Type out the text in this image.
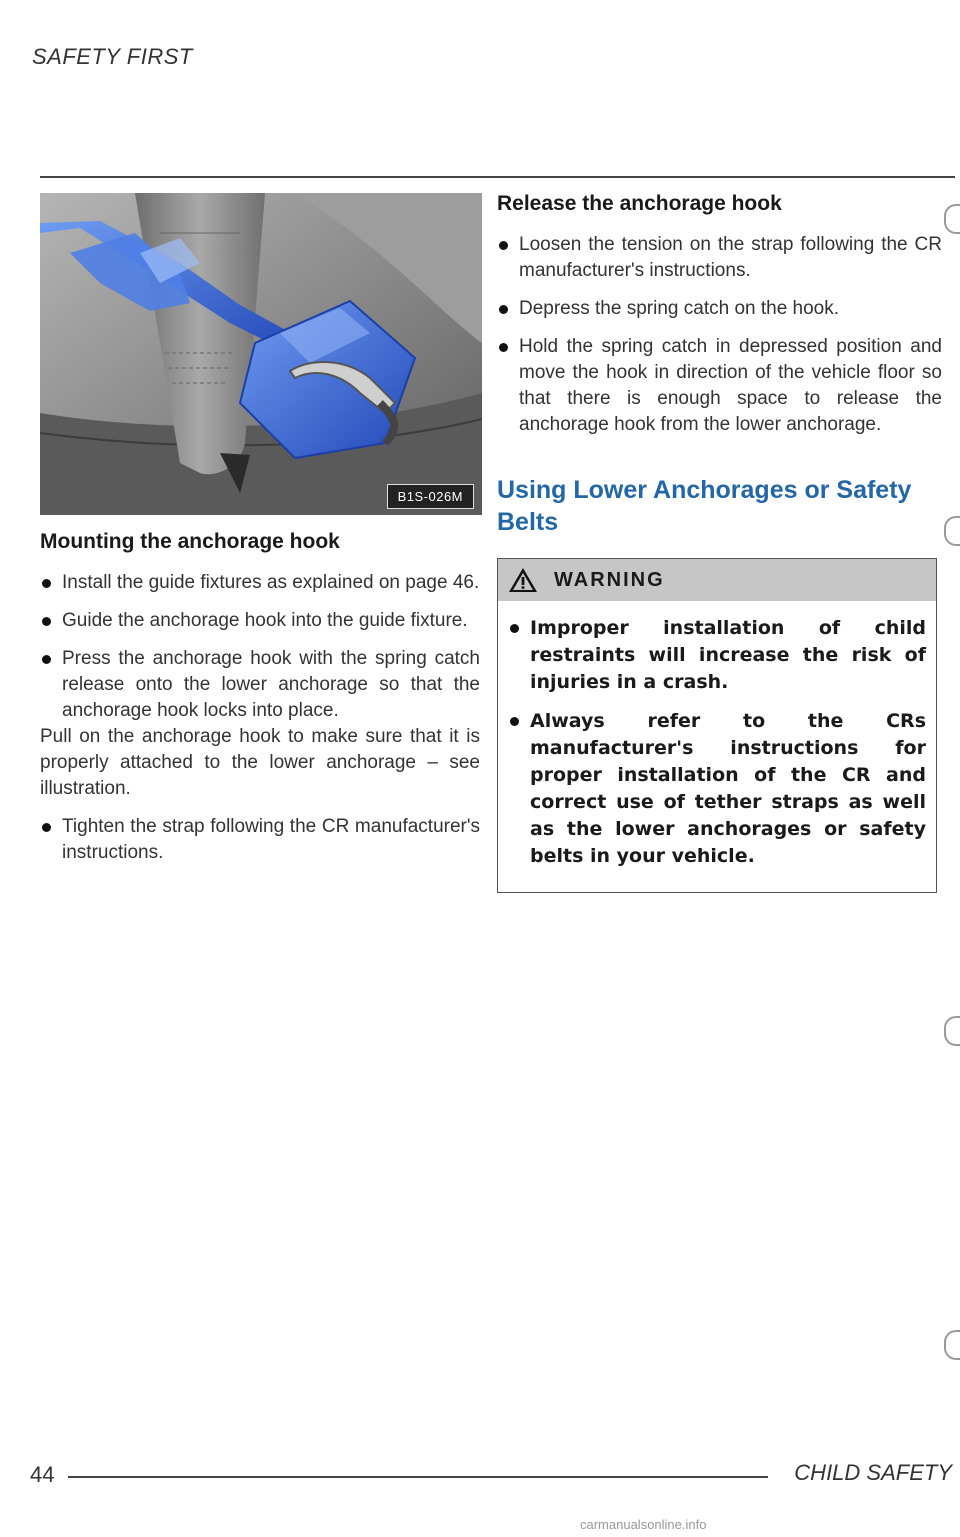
SAFETY FIRST
B1S-026M
Mounting the anchorage hook

Install the guide fixtures as explained on page 46.

Guide the anchorage hook into the guide fixture.

Press the anchorage hook with the spring catch release onto the lower anchorage so that the anchorage hook locks into place.

Pull on the anchorage hook to make sure that it is properly attached to the lower anchorage – see illustration.

Tighten the strap following the CR manufacturer's instructions.

Release the anchorage hook

Loosen the tension on the strap following the CR manufacturer's instructions.

Depress the spring catch on the hook.

Hold the spring catch in depressed position and move the hook in direction of the vehicle floor so that there is enough space to release the anchorage hook from the lower anchorage.

Using Lower Anchorages or Safety Belts
WARNING
Improper installation of child restraints will increase the risk of injuries in a crash.
Always refer to the CRs manufacturer's instructions for proper installation of the CR and correct use of tether straps as well as the lower anchorages or safety belts in your vehicle.
44	CHILD SAFETY
carmanualsonline.info
